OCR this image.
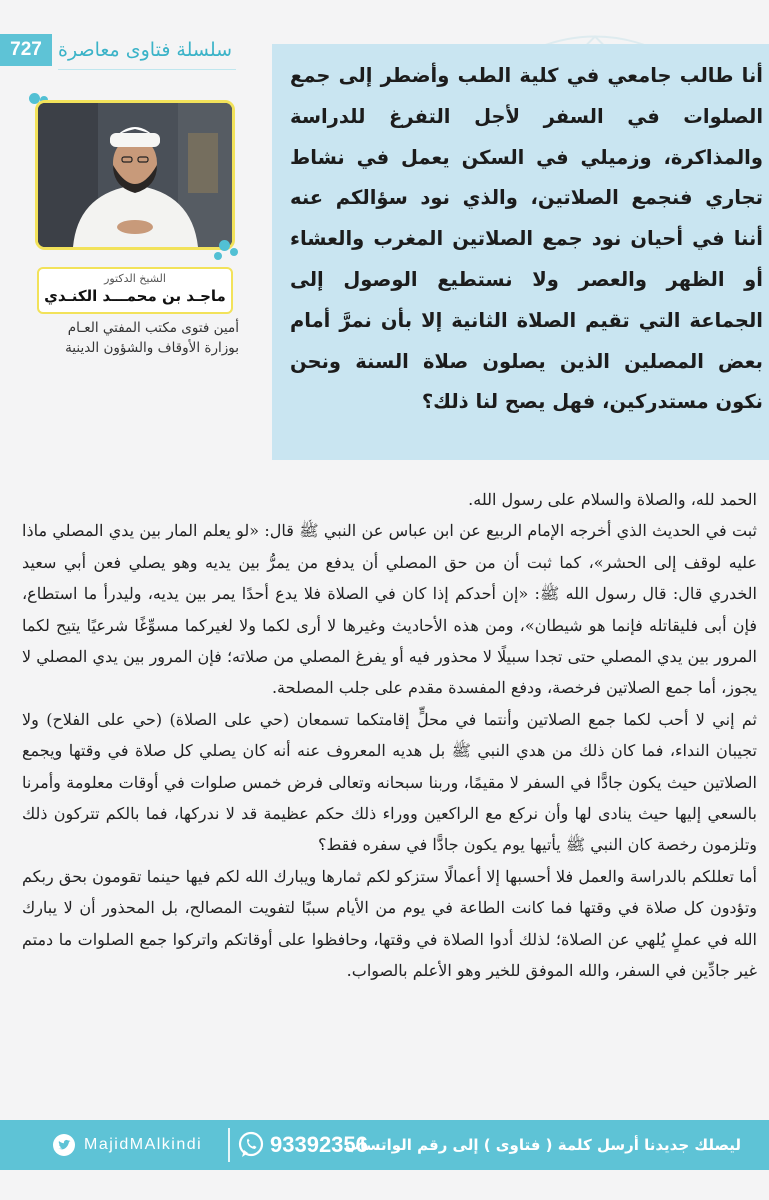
727 سلسلة فتاوى معاصرة

أنا طالب جامعي في كلية الطب وأضطر إلى جمع الصلوات في السفر لأجل التفرغ للدراسة والمذاكرة، وزميلي في السكن يعمل في نشاط تجاري فنجمع الصلاتين، والذي نود سؤالكم عنه أننا في أحيان نود جمع الصلاتين المغرب والعشاء أو الظهر والعصر ولا نستطيع الوصول إلى الجماعة التي تقيم الصلاة الثانية إلا بأن نمرَّ أمام بعض المصلين الذين يصلون صلاة السنة ونحن نكون مستدركين، فهل يصح لنا ذلك؟

الشيخ الدكتور
ماجـد بن محمـــد الكنـدي
أمين فتوى مكتب المفتي العـام
بوزارة الأوقاف والشؤون الدينية

الحمد لله، والصلاة والسلام على رسول الله.

ثبت في الحديث الذي أخرجه الإمام الربيع عن ابن عباس عن النبي ﷺ قال: «لو يعلم المار بين يدي المصلي ماذا عليه لوقف إلى الحشر»، كما ثبت أن من حق المصلي أن يدفع من يمرُّ بين يديه وهو يصلي فعن أبي سعيد الخدري قال: قال رسول الله ﷺ: «إن أحدكم إذا كان في الصلاة فلا يدع أحدًا يمر بين يديه، وليدرأ ما استطاع، فإن أبى فليقاتله فإنما هو شيطان»، ومن هذه الأحاديث وغيرها لا أرى لكما ولا لغيركما مسوِّغًا شرعيًا يتيح لكما المرور بين يدي المصلي حتى تجدا سبيلًا لا محذور فيه أو يفرغ المصلي من صلاته؛ فإن المرور بين يدي المصلي لا يجوز، أما جمع الصلاتين فرخصة، ودفع المفسدة مقدم على جلب المصلحة.

ثم إني لا أحب لكما جمع الصلاتين وأنتما في محلٍّ إقامتكما تسمعان (حي على الصلاة) (حي على الفلاح) ولا تجيبان النداء، فما كان ذلك من هدي النبي ﷺ بل هديه المعروف عنه أنه كان يصلي كل صلاة في وقتها ويجمع الصلاتين حيث يكون جادًّا في السفر لا مقيمًا، وربنا سبحانه وتعالى فرض خمس صلوات في أوقات معلومة وأمرنا بالسعي إليها حيث ينادى لها وأن نركع مع الراكعين ووراء ذلك حكم عظيمة قد لا ندركها، فما بالكم تتركون ذلك وتلزمون رخصة كان النبي ﷺ يأتيها يوم يكون جادًّا في سفره فقط؟

أما تعللكم بالدراسة والعمل فلا أحسبها إلا أعمالًا ستزكو لكم ثمارها ويبارك الله لكم فيها حينما تقومون بحق ربكم وتؤدون كل صلاة في وقتها فما كانت الطاعة في يوم من الأيام سببًا لتفويت المصالح، بل المحذور أن لا يبارك الله في عملٍ يُلهي عن الصلاة؛ لذلك أدوا الصلاة في وقتها، وحافظوا على أوقاتكم واتركوا جمع الصلوات ما دمتم غير جادِّين في السفر، والله الموفق للخير وهو الأعلم بالصواب.

ليصلك جديدنا أرسل كلمة ( فتاوى ) إلى رقم الواتساب
93392356
MajidMAlkindi
